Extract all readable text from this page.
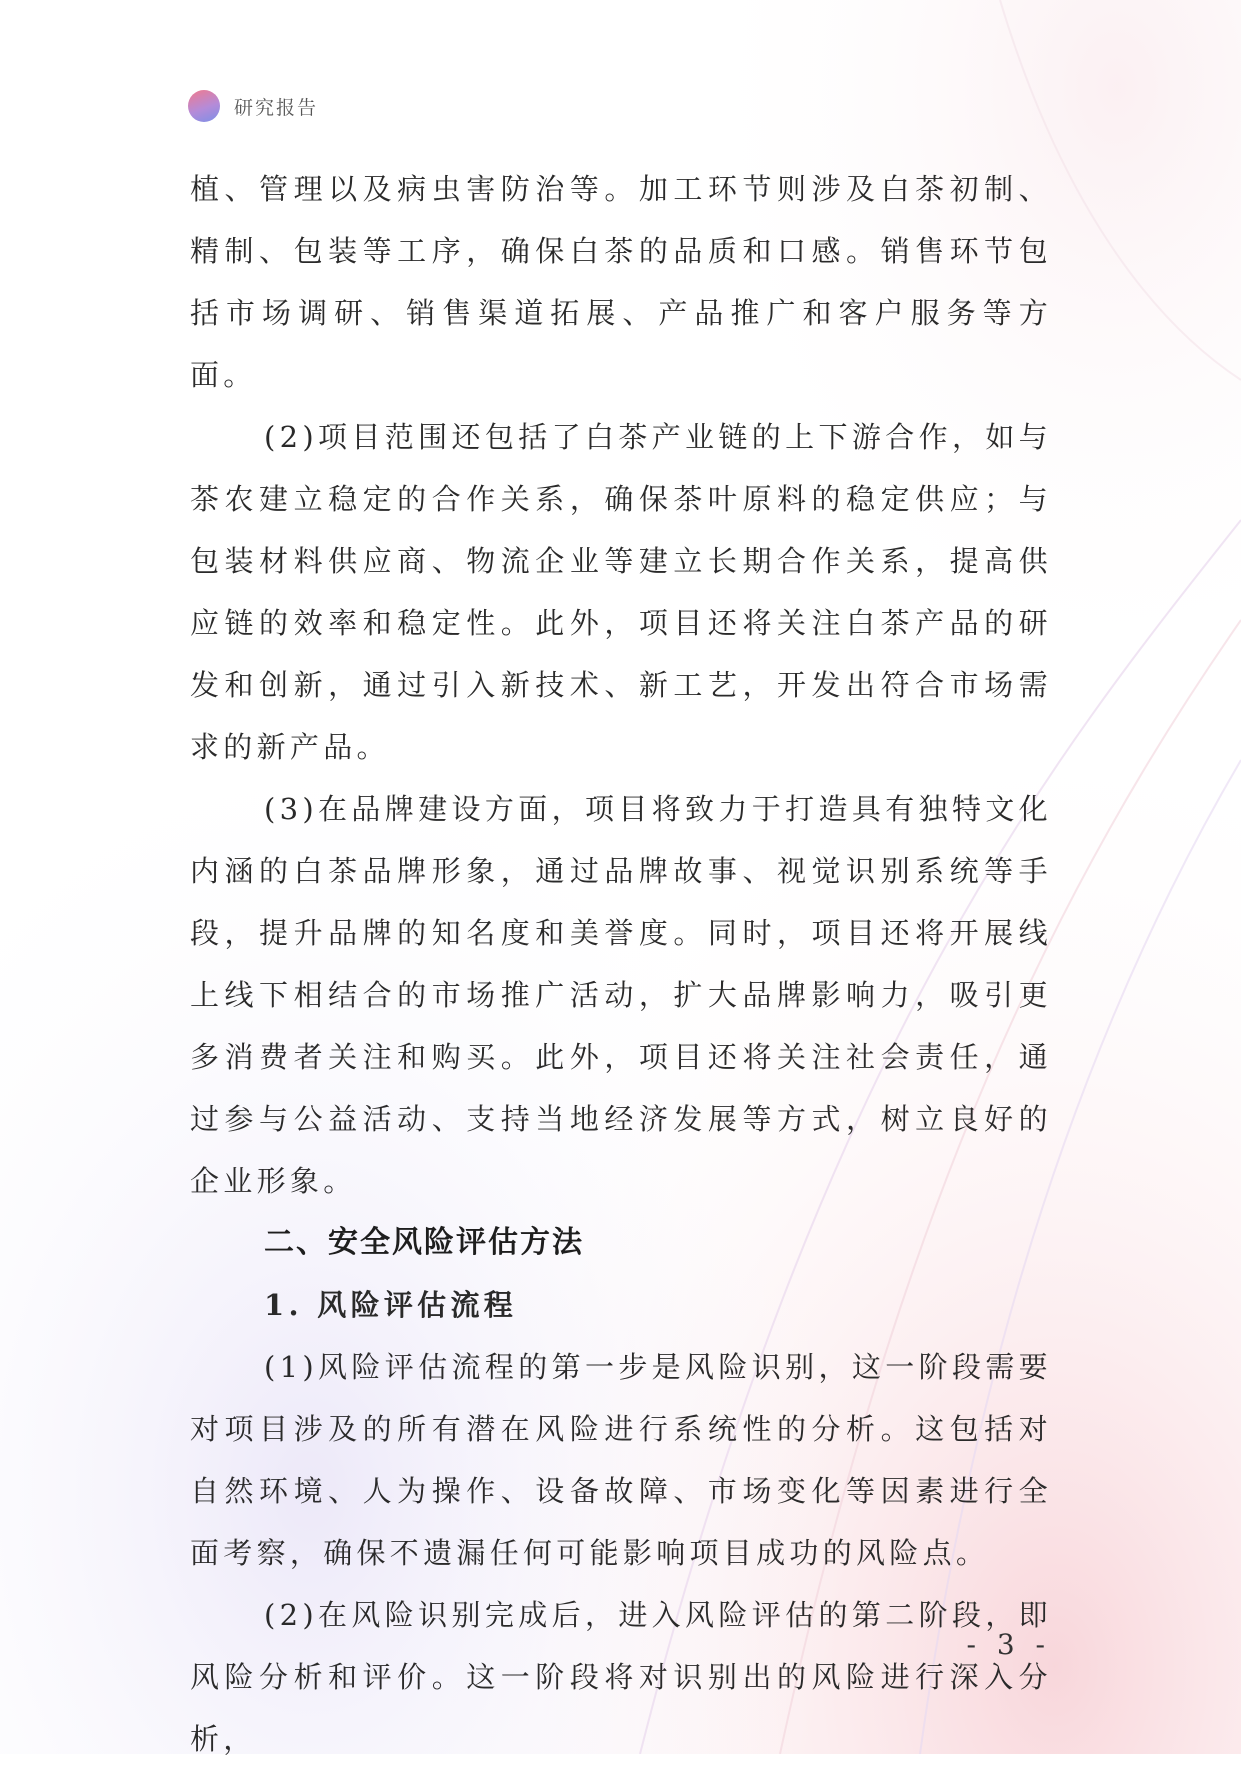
研究报告

植、管理以及病虫害防治等。加工环节则涉及白茶初制、精制、包装等工序，确保白茶的品质和口感。销售环节包括市场调研、销售渠道拓展、产品推广和客户服务等方面。

(2)项目范围还包括了白茶产业链的上下游合作，如与茶农建立稳定的合作关系，确保茶叶原料的稳定供应；与包装材料供应商、物流企业等建立长期合作关系，提高供应链的效率和稳定性。此外，项目还将关注白茶产品的研发和创新，通过引入新技术、新工艺，开发出符合市场需求的新产品。

(3)在品牌建设方面，项目将致力于打造具有独特文化内涵的白茶品牌形象，通过品牌故事、视觉识别系统等手段，提升品牌的知名度和美誉度。同时，项目还将开展线上线下相结合的市场推广活动，扩大品牌影响力，吸引更多消费者关注和购买。此外，项目还将关注社会责任，通过参与公益活动、支持当地经济发展等方式，树立良好的企业形象。

二、安全风险评估方法
1. 风险评估流程

(1)风险评估流程的第一步是风险识别，这一阶段需要对项目涉及的所有潜在风险进行系统性的分析。这包括对自然环境、人为操作、设备故障、市场变化等因素进行全面考察，确保不遗漏任何可能影响项目成功的风险点。

(2)在风险识别完成后，进入风险评估的第二阶段，即风险分析和评价。这一阶段将对识别出的风险进行深入分析，

- 3 -
